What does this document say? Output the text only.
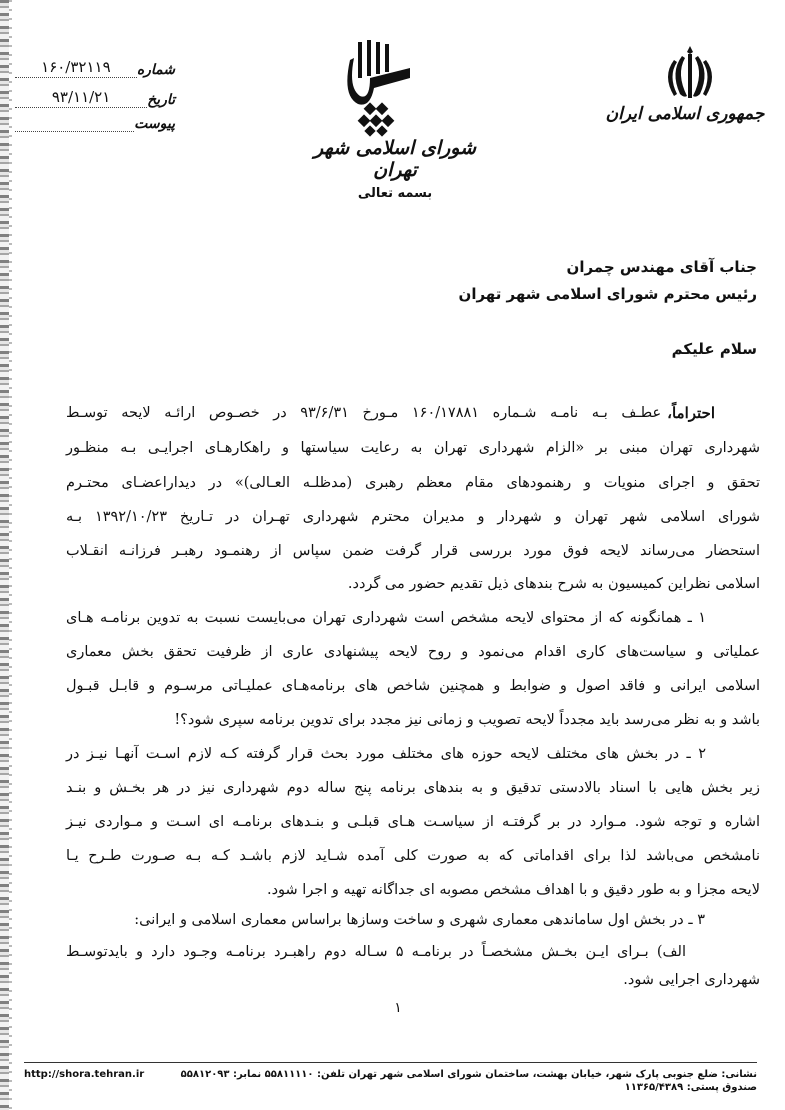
شماره
۱۶۰/۳۲۱۱۹
تاریخ
۹۳/۱۱/۲۱
پیوست
شورای اسلامی شهر تهران
جمهوری اسلامی ایران
بسمه تعالی
جناب آقای مهندس چمران
رئیس محترم شورای اسلامی شهر تهران
سلام علیکم
احتراماً،
عطـف بـه نامـه شـماره ۱۶۰/۱۷۸۸۱ مـورخ ۹۳/۶/۳۱ در خصـوص ارائـه لایحه توسـط
شهرداری تهران مبنی بر «الزام شهرداری تهران به رعایت سیاستها و راهکارهـای اجرایـی بـه منظـور
تحقق و اجرای منویات و رهنمودهای مقام معظم رهبری (مدظلـه العـالی)» در دیداراعضـای محتـرم
شورای اسلامی شهر تهران و شهردار و مدیران محترم شهرداری تهـران در تـاریخ ۱۳۹۲/۱۰/۲۳ بـه
استحضار می‌رساند لایحه فوق مورد بررسی قرار گرفت ضمن سپاس از رهنمـود رهبـر فرزانـه انقـلاب
اسلامی نظراین کمیسیون به شرح بندهای ذیل تقدیم حضور می گردد.
۱ ـ همانگونه که از محتوای لایحه مشخص است شهرداری تهران می‌بایست نسبت به تدوین برنامـه هـای
عملیاتی و سیاست‌های کاری اقدام می‌نمود و روح لایحه پیشنهادی عاری از ظرفیت تحقق بخش معماری
اسلامی ایرانی و فاقد اصول و ضوابط و همچنین شاخص های برنامه‌هـای عملیـاتی مرسـوم و قابـل قبـول
باشد و به نظر می‌رسد باید مجدداً لایحه تصویب و زمانی نیز مجدد برای تدوین برنامه سپری شود؟!
۲ ـ در بخش های مختلف لایحه حوزه های مختلف مورد بحث قرار گرفته کـه لازم اسـت آنهـا نیـز در
زیر بخش هایی با اسناد بالادستی تدقیق و به بندهای برنامه پنج ساله دوم شهرداری نیز در هر بخـش و بنـد
اشاره و توجه شود. مـوارد در بر گرفتـه از سیاسـت هـای قبلـی و بنـدهای برنامـه ای اسـت و مـواردی نیـز
نامشخص می‌باشد لذا برای اقداماتی که به صورت کلی آمده شـاید لازم باشـد کـه بـه صـورت طـرح یـا
لایحه مجزا و به طور دقیق و با اهداف مشخص مصوبه ای جداگانه تهیه و اجرا شود.
۳ ـ در بخش اول ساماندهی معماری شهری و ساخت وسازها براساس معماری اسلامی و ایرانی:
الف) بـرای ایـن بخـش مشخصـاً در برنامـه ۵ سـاله دوم راهبـرد برنامـه وجـود دارد و بایدتوسـط
شهرداری اجرایی شود.
۱
http://shora.tehran.ir	نشانی: ضلع جنوبی پارک شهر، خیابان بهشت، ساختمان شورای اسلامی شهر تهران تلفن: ۵۵۸۱۱۱۱۰ نمابر: ۵۵۸۱۲۰۹۳ صندوق پستی: ۱۱۳۶۵/۴۳۸۹
